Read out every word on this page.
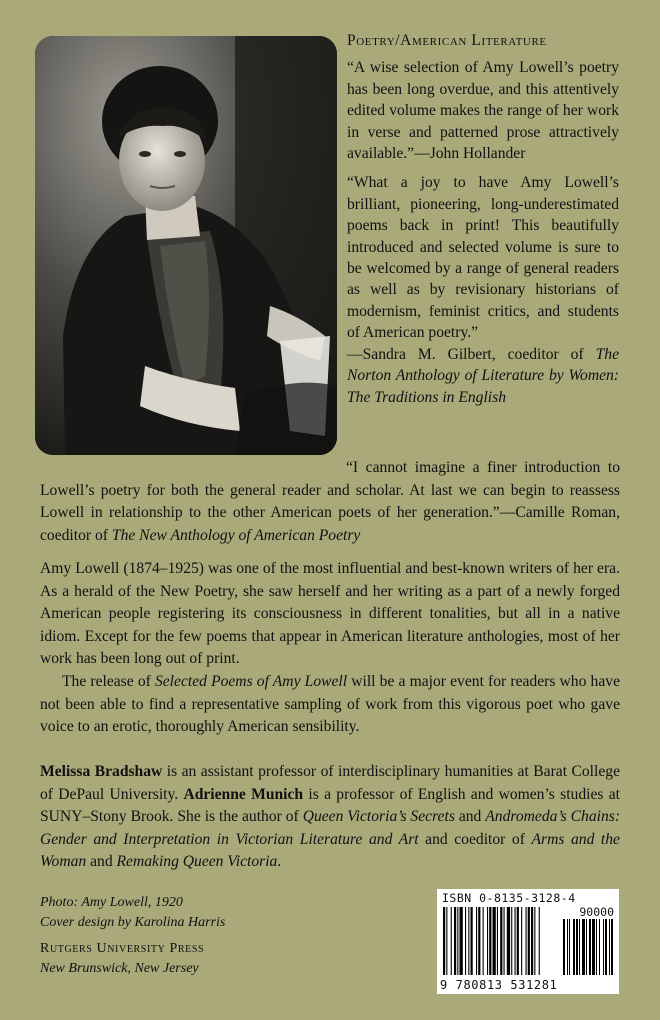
Poetry/American Literature

“A wise selection of Amy Lowell’s poetry has been long overdue, and this attentively edited volume makes the range of her work in verse and patterned prose attractively available.”—John Hollander

“What a joy to have Amy Lowell’s brilliant, pioneering, long-underestimated poems back in print! This beautifully introduced and selected volume is sure to be welcomed by a range of general readers as well as by revisionary historians of modernism, feminist critics, and students of American poetry.”
—Sandra M. Gilbert, coeditor of The Norton Anthology of Literature by Women: The Traditions in English

“I cannot imagine a finer introduction to Lowell’s poetry for both the general reader and scholar. At last we can begin to reassess Lowell in relationship to the other American poets of her generation.”—Camille Roman, coeditor of The New Anthology of American Poetry

Amy Lowell (1874–1925) was one of the most influential and best-known writers of her era. As a herald of the New Poetry, she saw herself and her writing as a part of a newly forged American people registering its consciousness in different tonalities, but all in a native idiom. Except for the few poems that appear in American literature anthologies, most of her work has been long out of print.

The release of Selected Poems of Amy Lowell will be a major event for readers who have not been able to find a representative sampling of work from this vigorous poet who gave voice to an erotic, thoroughly American sensibility.

Melissa Bradshaw is an assistant professor of interdisciplinary humanities at Barat College of DePaul University. Adrienne Munich is a professor of English and women’s studies at SUNY–Stony Brook. She is the author of Queen Victoria’s Secrets and Andromeda’s Chains: Gender and Interpretation in Victorian Literature and Art and coeditor of Arms and the Woman and Remaking Queen Victoria.

Photo: Amy Lowell, 1920
Cover design by Karolina Harris
Rutgers University Press
New Brunswick, New Jersey
ISBN 0-8135-3128-4
90000
9 780813 531281
